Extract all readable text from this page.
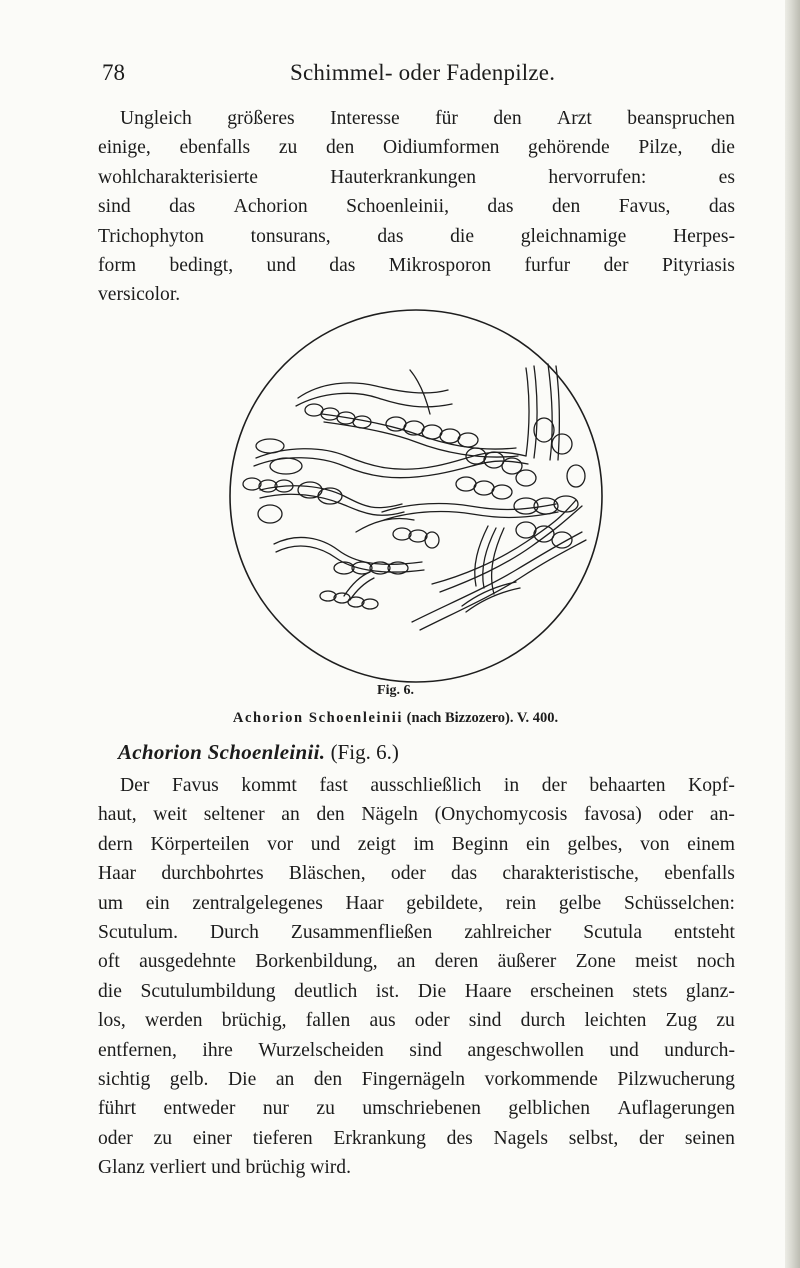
78	Schimmel- oder Fadenpilze.
Ungleich größeres Interesse für den Arzt beanspruchen
einige, ebenfalls zu den Oidiumformen gehörende Pilze, die
wohlcharakterisierte	Hauterkrankungen	hervorrufen:	es
sind das Achorion Schoenleinii, das den Favus, das
Trichophyton tonsurans, das die gleichnamige Herpes-
form bedingt, und das Mikrosporon furfur der Pityriasis
versicolor.
Fig. 6.
Achorion Schoenleinii (nach Bizzozero). V. 400.
Achorion Schoenleinii. (Fig. 6.)
Der Favus kommt fast ausschließlich in der behaarten Kopf-
haut, weit seltener an den Nägeln (Onychomycosis favosa) oder an-
dern Körperteilen vor und zeigt im Beginn ein gelbes, von einem
Haar durchbohrtes Bläschen, oder das charakteristische, ebenfalls
um ein zentralgelegenes Haar gebildete, rein gelbe Schüsselchen:
Scutulum. Durch Zusammenfließen zahlreicher Scutula entsteht
oft ausgedehnte Borkenbildung, an deren äußerer Zone meist noch
die Scutulumbildung deutlich ist. Die Haare erscheinen stets glanz-
los, werden brüchig, fallen aus oder sind durch leichten Zug zu
entfernen, ihre Wurzelscheiden sind angeschwollen und undurch-
sichtig gelb. Die an den Fingernägeln vorkommende Pilzwucherung
führt entweder nur zu umschriebenen gelblichen Auflagerungen
oder zu einer tieferen Erkrankung des Nagels selbst, der seinen
Glanz verliert und brüchig wird.
